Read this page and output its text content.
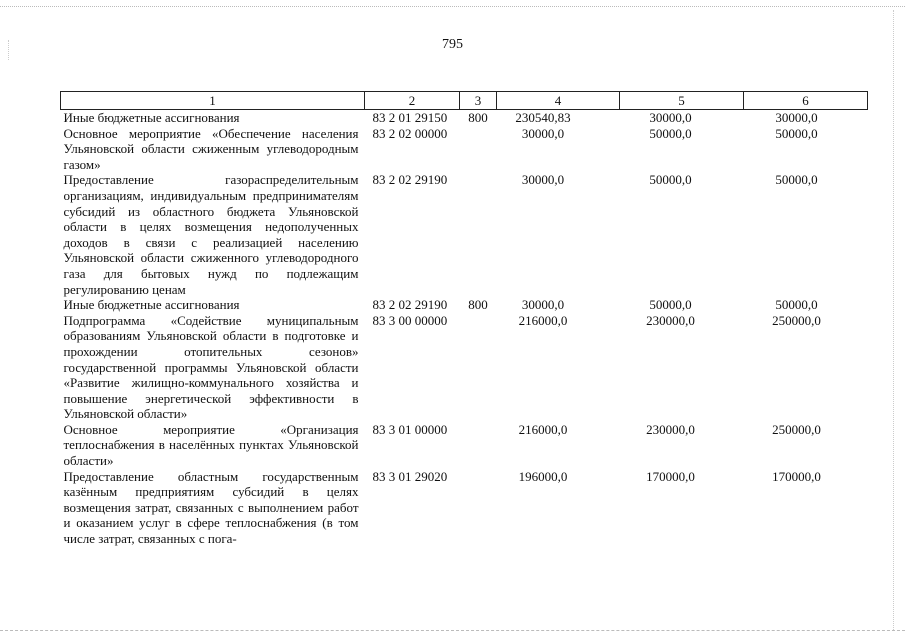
795
1	2	3	4	5	6
Иные бюджетные ассигнования	83 2 01 29150	800	230540,83	30000,0	30000,0
Основное мероприятие «Обеспечение населения Ульяновской области сжиженным углеводородным газом»	83 2 02 00000		30000,0	50000,0	50000,0
Предоставление газораспределительным организациям, индивидуальным предпринимателям субсидий из областного бюджета Ульяновской области в целях возмещения недополученных доходов в связи с реализацией населению Ульяновской области сжиженного углеводородного газа для бытовых нужд по подлежащим регулированию ценам	83 2 02 29190		30000,0	50000,0	50000,0
Иные бюджетные ассигнования	83 2 02 29190	800	30000,0	50000,0	50000,0
Подпрограмма «Содействие муниципальным образованиям Ульяновской области в подготовке и прохождении отопительных сезонов» государственной программы Ульяновской области «Развитие жилищно-коммунального хозяйства и повышение энергетической эффективности в Ульяновской области»	83 3 00 00000		216000,0	230000,0	250000,0
Основное мероприятие «Организация теплоснабжения в населённых пунктах Ульяновской области»	83 3 01 00000		216000,0	230000,0	250000,0
Предоставление областным государственным казённым предприятиям субсидий в целях возмещения затрат, связанных с выполнением работ и оказанием услуг в сфере теплоснабжения (в том числе затрат, связанных с пога-	83 3 01 29020		196000,0	170000,0	170000,0
